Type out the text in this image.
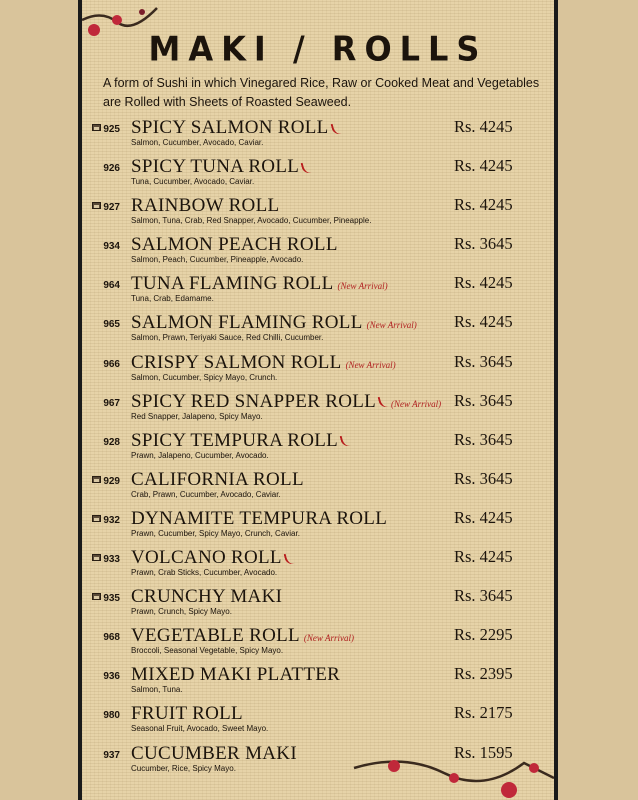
MAKI / ROLLS
A form of Sushi in which Vinegared Rice, Raw or Cooked Meat and Vegetables are Rolled with Sheets of Roasted Seaweed.
925 SPICY SALMON ROLL
Salmon, Cucumber, Avocado, Caviar.
Rs. 4245
926 SPICY TUNA ROLL
Tuna, Cucumber, Avocado, Caviar.
Rs. 4245
927 RAINBOW ROLL
Salmon, Tuna, Crab, Red Snapper, Avocado, Cucumber, Pineapple.
Rs. 4245
934 SALMON PEACH ROLL
Salmon, Peach, Cucumber, Pineapple, Avocado.
Rs. 3645
964 TUNA FLAMING ROLL (New Arrival)
Tuna, Crab, Edamame.
Rs. 4245
965 SALMON FLAMING ROLL (New Arrival)
Salmon, Prawn, Teriyaki Sauce, Red Chilli, Cucumber.
Rs. 4245
966 CRISPY SALMON ROLL (New Arrival)
Salmon, Cucumber, Spicy Mayo, Crunch.
Rs. 3645
967 SPICY RED SNAPPER ROLL (New Arrival)
Red Snapper, Jalapeno, Spicy Mayo.
Rs. 3645
928 SPICY TEMPURA ROLL
Prawn, Jalapeno, Cucumber, Avocado.
Rs. 3645
929 CALIFORNIA ROLL
Crab, Prawn, Cucumber, Avocado, Caviar.
Rs. 3645
932 DYNAMITE TEMPURA ROLL
Prawn, Cucumber, Spicy Mayo, Crunch, Caviar.
Rs. 4245
933 VOLCANO ROLL
Prawn, Crab Sticks, Cucumber, Avocado.
Rs. 4245
935 CRUNCHY MAKI
Prawn, Crunch, Spicy Mayo.
Rs. 3645
968 VEGETABLE ROLL (New Arrival)
Broccoli, Seasonal Vegetable, Spicy Mayo.
Rs. 2295
936 MIXED MAKI PLATTER
Salmon, Tuna.
Rs. 2395
980 FRUIT ROLL
Seasonal Fruit, Avocado, Sweet Mayo.
Rs. 2175
937 CUCUMBER MAKI
Cucumber, Rice, Spicy Mayo.
Rs. 1595
